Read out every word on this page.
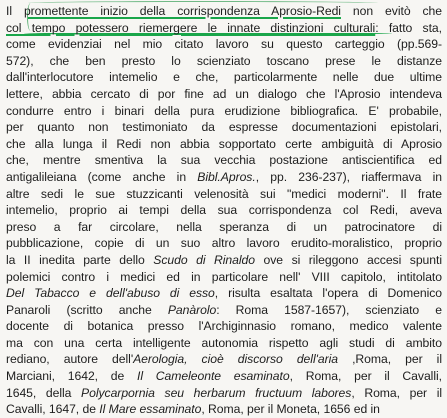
Il promettente inizio della corrispondenza Aprosio-Redi non evitò che
col tempo potessero riemergere le innate distinzioni culturali: fatto sta,
come evidenziai nel mio citato lavoro su questo carteggio (pp.569-
572), che ben presto lo scienziato toscano prese le distanze
dall'interlocutore intemelio e che, particolarmente nelle due ultime
lettere, abbia cercato di por fine ad un dialogo che l'Aprosio intendeva
condurre entro i binari della pura erudizione bibliografica. E' probabile,
per quanto non testimoniato da espresse documentazioni epistolari,
che alla lunga il Redi non abbia sopportato certe ambiguità di Aprosio
che, mentre smentiva la sua vecchia postazione antiscientifica ed
antigalileiana (come anche in Bibl.Apros., pp. 236-237), riaffermava in
altre sedi le sue stuzzicanti velenosità sui "medici moderni". Il frate
intemelio, proprio ai tempi della sua corrispondenza col Redi, aveva
preso a far circolare, nella speranza di un patrocinatore di
pubblicazione, copie di un suo altro lavoro erudito-moralistico, proprio
la II inedita parte dello Scudo di Rinaldo ove si rileggono accesi spunti
polemici contro i medici ed in particolare nell' VIII capitolo, intitolato
Del Tabacco e dell'abuso di esso, risulta esaltata l'opera di Domenico
Panaroli (scritto anche Panàrolo: Roma 1587-1657), scienziato e
docente di botanica presso l'Archiginnasio romano, medico valente
ma con una certa intelligente autonomia rispetto agli studi di ambito
rediano, autore dell'Aerologia, cioè discorso dell'aria ,Roma, per il
Marciani, 1642, de Il Cameleonte esaminato, Roma, per il Cavalli,
1645, della Polycarpornia seu herbarum fructuum labores, Roma, per il
Cavalli, 1647, de Il Mare essaminato, Roma, per il Moneta, 1656 ed in
